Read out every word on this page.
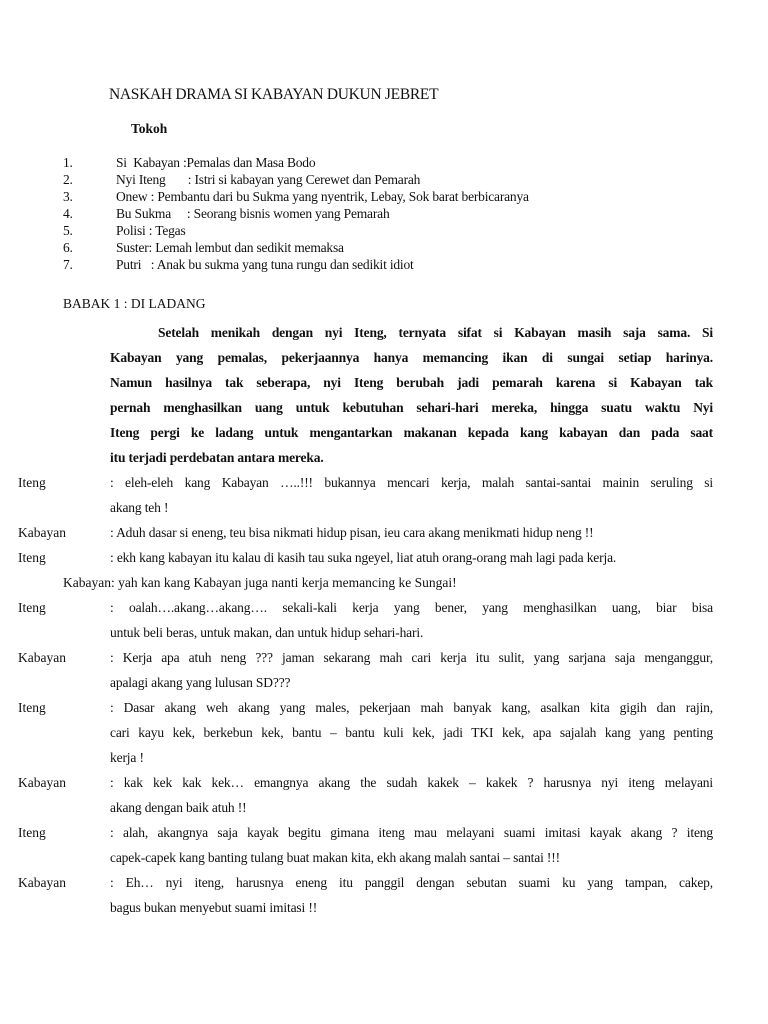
NASKAH DRAMA SI KABAYAN DUKUN JEBRET
Tokoh
1.	Si  Kabayan :Pemalas dan Masa Bodo
2.	Nyi Iteng       : Istri si kabayan yang Cerewet dan Pemarah
3.	Onew : Pembantu dari bu Sukma yang nyentrik, Lebay, Sok barat berbicaranya
4.	Bu Sukma     : Seorang bisnis women yang Pemarah
5.	Polisi : Tegas
6.	Suster: Lemah lembut dan sedikit memaksa
7.	Putri   : Anak bu sukma yang tuna rungu dan sedikit idiot
BABAK 1 : DI LADANG
Setelah menikah dengan nyi Iteng, ternyata sifat si Kabayan masih saja sama. Si
Kabayan yang pemalas, pekerjaannya hanya memancing ikan di sungai setiap harinya.
Namun hasilnya tak seberapa, nyi Iteng berubah jadi pemarah karena si Kabayan tak
pernah menghasilkan uang untuk kebutuhan sehari-hari mereka, hingga suatu waktu Nyi
Iteng pergi ke ladang untuk mengantarkan makanan kepada kang kabayan dan pada saat
itu terjadi perdebatan antara mereka.
Iteng	: eleh-eleh kang Kabayan …..!!! bukannya mencari kerja, malah santai-santai mainin seruling si
akang teh !
Kabayan	: Aduh dasar si eneng, teu bisa nikmati hidup pisan, ieu cara akang menikmati hidup neng !!
Iteng	: ekh kang kabayan itu kalau di kasih tau suka ngeyel, liat atuh orang-orang mah lagi pada kerja.
Kabayan: yah kan kang Kabayan juga nanti kerja memancing ke Sungai!
Iteng	: oalah….akang…akang…. sekali-kali kerja yang bener, yang menghasilkan uang, biar bisa
untuk beli beras, untuk makan, dan untuk hidup sehari-hari.
Kabayan	: Kerja apa atuh neng ??? jaman sekarang mah cari kerja itu sulit, yang sarjana saja menganggur,
apalagi akang yang lulusan SD???
Iteng	: Dasar akang weh akang yang males, pekerjaan mah banyak kang, asalkan kita gigih dan rajin,
cari kayu kek, berkebun kek, bantu – bantu kuli kek, jadi TKI kek, apa sajalah kang yang penting
kerja !
Kabayan	: kak kek kak kek… emangnya akang the sudah kakek – kakek ? harusnya nyi iteng melayani
akang dengan baik atuh !!
Iteng	: alah, akangnya saja kayak begitu gimana iteng mau melayani suami imitasi kayak akang ? iteng
capek-capek kang banting tulang buat makan kita, ekh akang malah santai – santai !!!
Kabayan	: Eh… nyi iteng, harusnya eneng itu panggil dengan sebutan suami ku yang tampan, cakep,
bagus bukan menyebut suami imitasi !!
